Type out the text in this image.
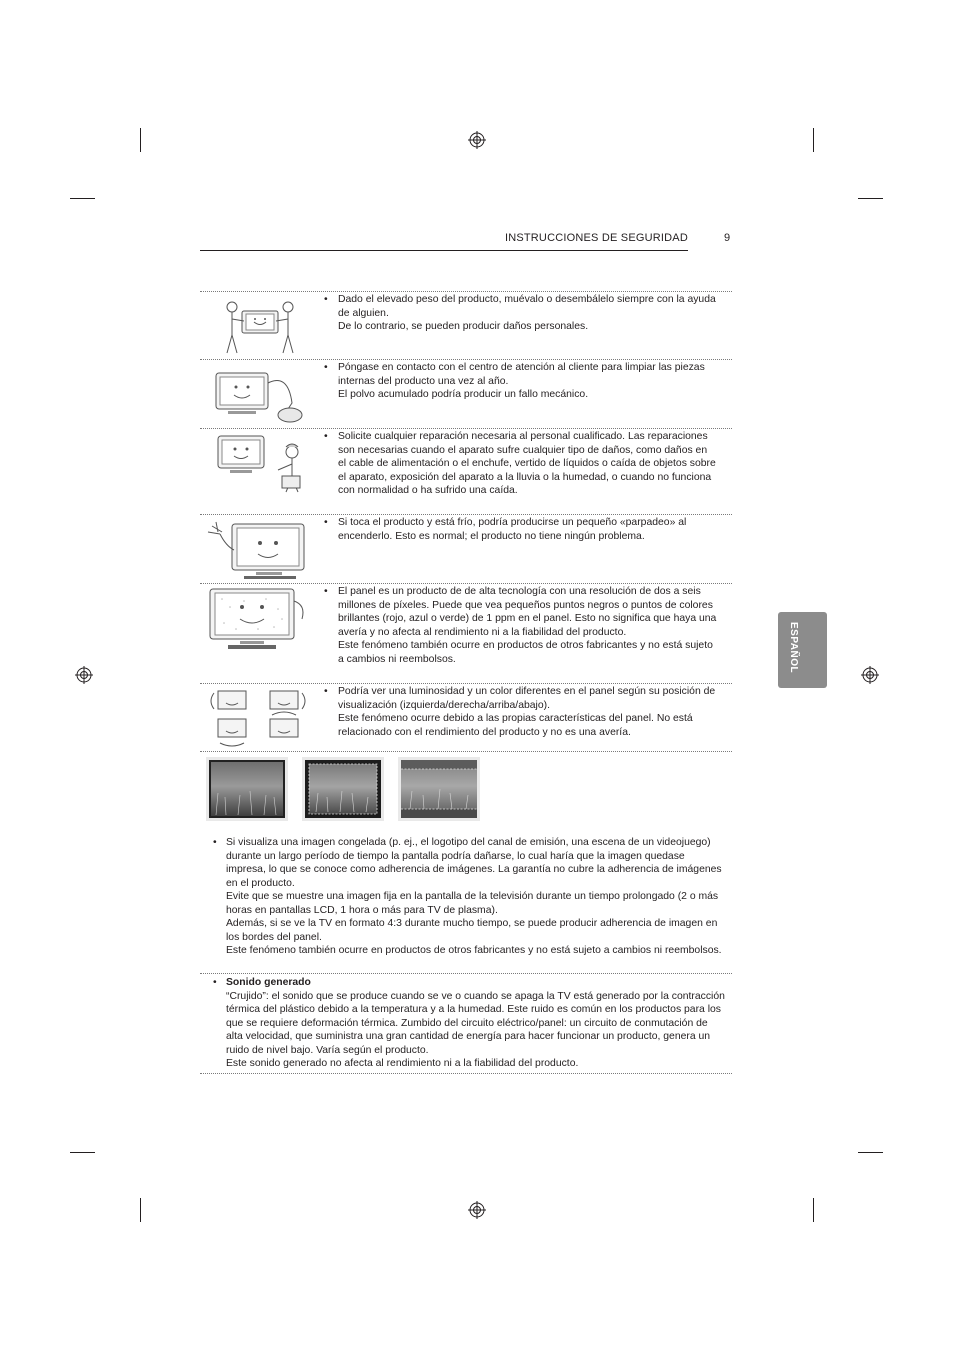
INSTRUCCIONES DE SEGURIDAD	9
ESPAÑOL
• Dado el elevado peso del producto, muévalo o desembálelo siempre con la ayuda de alguien.
De lo contrario, se pueden producir daños personales.
• Póngase en contacto con el centro de atención al cliente para limpiar las piezas internas del producto una vez al año.
El polvo acumulado podría producir un fallo mecánico.
• Solicite cualquier reparación necesaria al personal cualificado. Las reparaciones son necesarias cuando el aparato sufre cualquier tipo de daños, como daños en el cable de alimentación o el enchufe, vertido de líquidos o caída de objetos sobre el aparato, exposición del aparato a la lluvia o la humedad, o cuando no funciona con normalidad o ha sufrido una caída.
• Si toca el producto y está frío, podría producirse un pequeño «parpadeo» al encenderlo. Esto es normal; el producto no tiene ningún problema.
• El panel es un producto de de alta tecnología con una resolución de dos a seis millones de píxeles. Puede que vea pequeños puntos negros o puntos de colores brillantes (rojo, azul o verde) de 1 ppm en el panel. Esto no significa que haya una avería y no afecta al rendimiento ni a la fiabilidad del producto.
Este fenómeno también ocurre en productos de otros fabricantes y no está sujeto a cambios ni reembolsos.
• Podría ver una luminosidad y un color diferentes en el panel según su posición de visualización (izquierda/derecha/arriba/abajo).
Este fenómeno ocurre debido a las propias características del panel. No está relacionado con el rendimiento del producto y no es una avería.
• Si visualiza una imagen congelada (p. ej., el logotipo del canal de emisión, una escena de un videojuego) durante un largo período de tiempo la pantalla podría dañarse, lo cual haría que la imagen quedase impresa, lo que se conoce como adherencia de imágenes. La garantía no cubre la adherencia de imágenes en el producto.
Evite que se muestre una imagen fija en la pantalla de la televisión durante un tiempo prolongado (2 o más horas en pantallas LCD, 1 hora o más para TV de plasma).
Además, si se ve la TV en formato 4:3 durante mucho tiempo, se puede producir adherencia de imagen en los bordes del panel.
Este fenómeno también ocurre en productos de otros fabricantes y no está sujeto a cambios ni reembolsos.
• Sonido generado
“Crujido”: el sonido que se produce cuando se ve o cuando se apaga la TV está generado por la contracción térmica del plástico debido a la temperatura y a la humedad. Este ruido es común en los productos para los que se requiere deformación térmica. Zumbido del circuito eléctrico/panel: un circuito de conmutación de alta velocidad, que suministra una gran cantidad de energía para hacer funcionar un producto, genera un ruido de nivel bajo. Varía según el producto.
Este sonido generado no afecta al rendimiento ni a la fiabilidad del producto.
